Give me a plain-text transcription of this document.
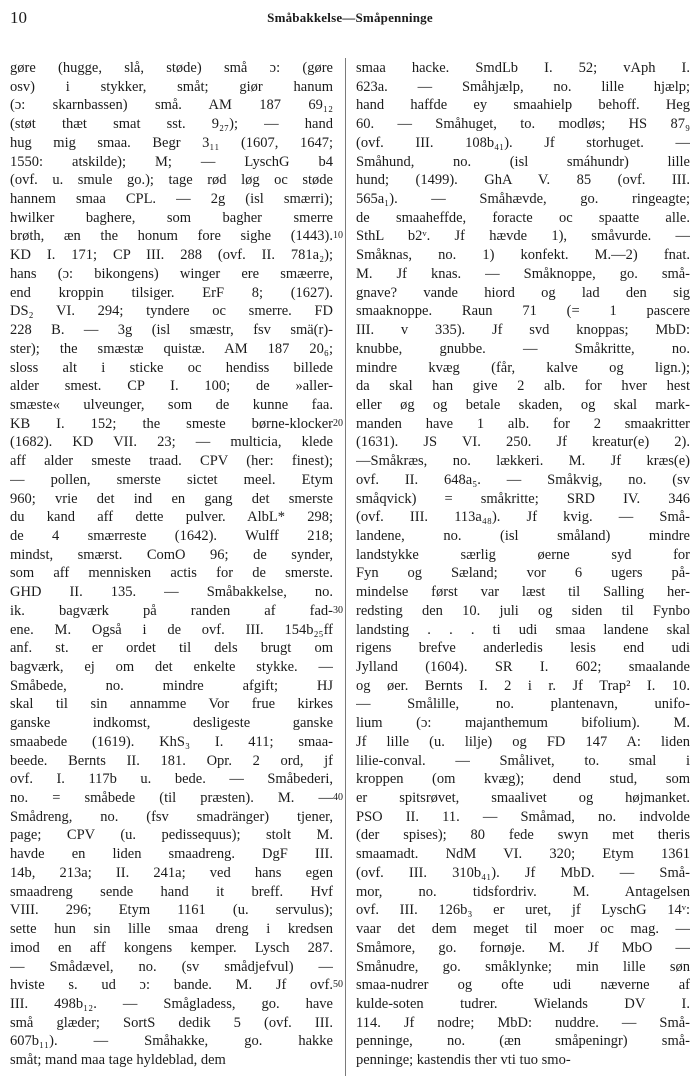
10	Småbakkelse—Småpenninge
gøre (hugge, slå, støde) små ɔ: (gøre
osv) i stykker, småt; giør hanum
(ɔ: skarnbassen) små. AM 187 69₁₂
(støt thæt smat sst. 9₂₇); — hand
hug mig smaa. Begr 3₁₁ (1607, 1647;
1550: atskilde); M; — LyschG b4
(ovf. u. smule go.); tage rød løg oc støde
hannem smaa CPL. — 2g (isl smærri);
hwilker baghere, som bagher smerre
brøth, æn the honum fore sighe (1443).
KD I. 171; CP III. 288 (ovf. II. 781a₂);
hans (ɔ: bikongens) winger ere smæerre,
end kroppin tilsiger. ErF 8; (1627).
DS₂ VI. 294; tyndere oc smerre. FD
228 B. — 3g (isl smæstr, fsv smä(r)-
ster); the smæstæ quistæ. AM 187 20₆;
sloss alt i sticke oc hendiss billede
alder smest. CP I. 100; de »aller-
smæste« ulveunger, som de kunne faa.
KB I. 152; the smeste børne-klocker
(1682). KD VII. 23; — multicia, klede
aff alder smeste traad. CPV (her: finest);
— pollen, smerste sictet meel. Etym
960; vrie det ind en gang det smerste
du kand aff dette pulver. AlbL* 298;
de 4 smærreste (1642). Wulff 218;
mindst, smærst. ComO 96; de synder,
som aff mennisken actis for de smerste.
GHD II. 135. — Småbakkelse, no.
ik. bagværk på randen af fad-
ene. M. Også i de ovf. III. 154b₂₅ff
anf. st. er ordet til dels brugt om
bagværk, ej om det enkelte stykke. —
Småbede, no. mindre afgift; HJ
skal til sin annamme Vor frue kirkes
ganske indkomst, desligeste ganske
smaabede (1619). KhS₃ I. 411; smaa-
beede. Bernts II. 181. Opr. 2 ord, jf
ovf. I. 117b u. bede. — Småbederi,
no. = småbede (til præsten). M. —
Smådreng, no. (fsv smadränger) tjener,
page; CPV (u. pedissequus); stolt M.
havde en liden smaadreng. DgF III.
14b, 213a; II. 241a; ved hans egen
smaadreng sende hand it breff. Hvf
VIII. 296; Etym 1161 (u. servulus);
sette hun sin lille smaa dreng i kredsen
imod en aff kongens kemper. Lysch 287.
— Smådævel, no. (sv smådjefvul) —
hviste s. ud ɔ: bande. M. Jf ovf.
III. 498b₁₂. — Smågladess, go. have
små glæder; SortS dedik 5 (ovf. III.
607b₁₁). — Småhakke, go. hakke
småt; mand maa tage hyldeblad, dem
10
20
30
40
50
smaa hacke. SmdLb I. 52; vAph I.
623a. — Småhjælp, no. lille hjælp;
hand haffde ey smaahielp behoff. Heg
60. — Småhuget, to. modløs; HS 87₉
(ovf. III. 108b₄₁). Jf storhuget. —
Småhund, no. (isl smáhundr) lille
hund; (1499). GhA V. 85 (ovf. III.
565a₁). — Småhævde, go. ringeagte;
de smaaheffde, foracte oc spaatte alle.
SthL b2ᵛ. Jf hævde 1), småvurde. —
Småknas, no. 1) konfekt. M.—2) fnat.
M. Jf knas. — Småknoppe, go. små-
gnave? vande hiord og lad den sig
smaaknoppe. Raun 71 (= 1 pascere
III. v 335). Jf svd knoppas; MbD:
knubbe, gnubbe. — Småkritte, no.
mindre kvæg (får, kalve og lign.);
da skal han give 2 alb. for hver hest
eller øg og betale skaden, og skal mark-
manden have 1 alb. for 2 smaakritter
(1631). JS VI. 250. Jf kreatur(e) 2).
—Småkræs, no. lækkeri. M. Jf kræs(e)
ovf. II. 648a₅. — Småkvig, no. (sv
småqvick) = småkritte; SRD IV. 346
(ovf. III. 113a₄₈). Jf kvig. — Små-
landene, no. (isl småland) mindre
landstykke særlig øerne syd for
Fyn og Sæland; vor 6 ugers på-
mindelse først var læst til Salling her-
redsting den 10. juli og siden til Fynbo
landsting . . . ti udi smaa landene skal
rigens brefve anderledis lesis end udi
Jylland (1604). SR I. 602; smaalande
og øer. Bernts I. 2 i r. Jf Trap² I. 10.
— Smålille, no. plantenavn, unifo-
lium (ɔ: majanthemum bifolium). M.
Jf lille (u. lilje) og FD 147 A: liden
lilie-conval. — Smålivet, to. smal i
kroppen (om kvæg); dend stud, som
er spitsrøvet, smaalivet og højmanket.
PSO II. 11. — Småmad, no. indvolde
(der spises); 80 fede swyn met theris
smaamadt. NdM VI. 320; Etym 1361
(ovf. III. 310b₄₁). Jf MbD. — Små-
mor, no. tidsfordriv. M. Antagelsen
ovf. III. 126b₃ er uret, jf LyschG 14ᵛ:
vaar det dem meget til moer oc mag. —
Småmore, go. fornøje. M. Jf MbO —
Smånudre, go. småklynke; min lille søn
smaa-nudrer og ofte udi næverne af
kulde-soten tudrer. Wielands DV I.
114. Jf nodre; MbD: nuddre. — Små-
penninge, no. (æn småpeningr) små-
penninge; kastendis ther vti tuo smo-
